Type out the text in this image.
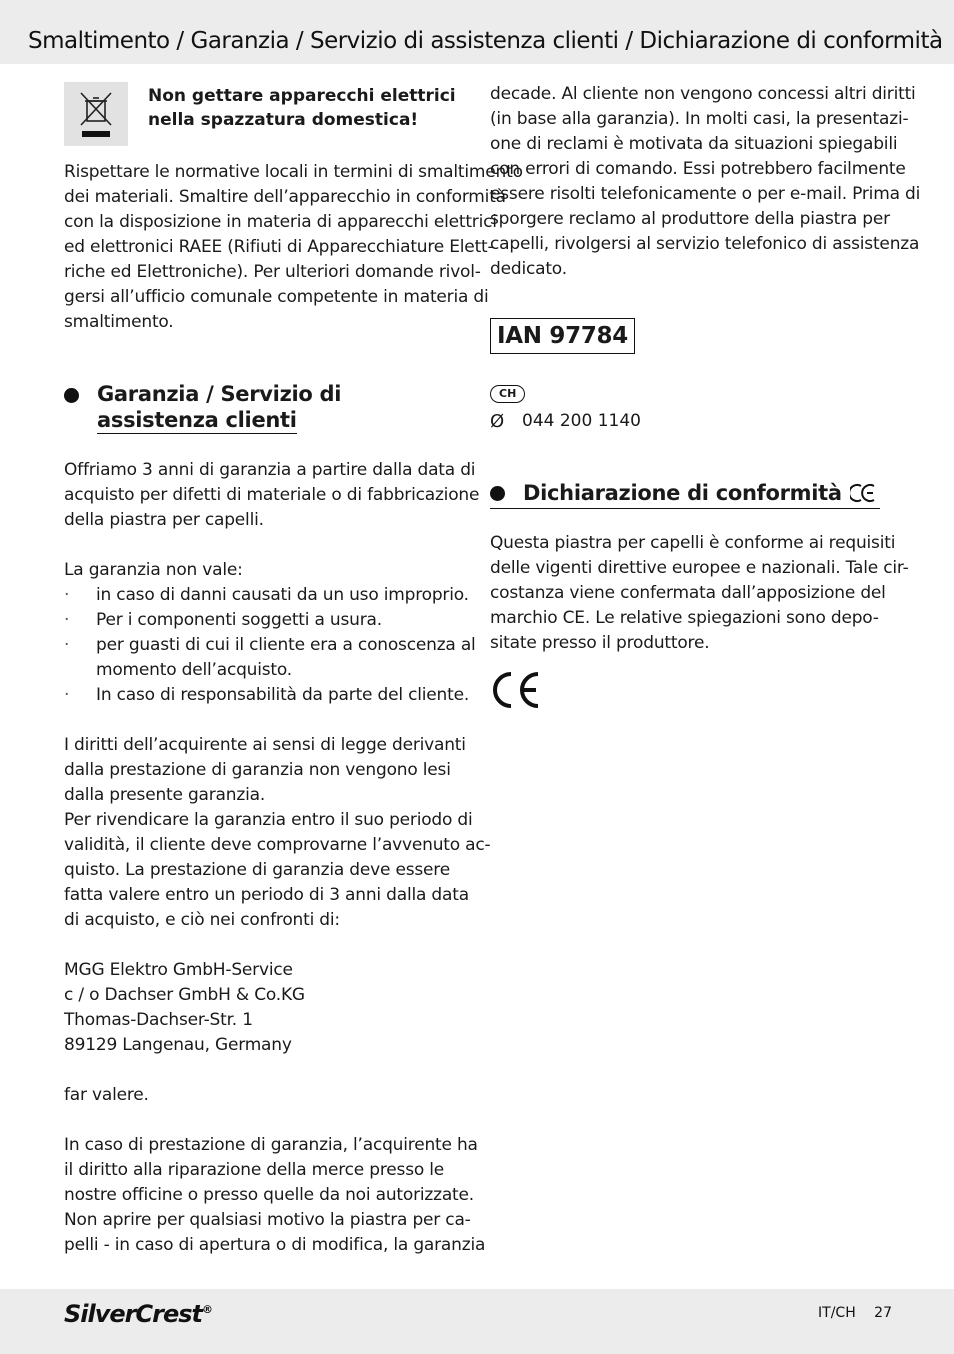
Smaltimento / Garanzia / Servizio di assistenza clienti / Dichiarazione di conformità
Non gettare apparecchi elettrici
nella spazzatura domestica!

Rispettare le normative locali in termini di smaltimento

dei materiali. Smaltire dell’apparecchio in conformità

con la disposizione in materia di apparecchi elettrici

ed elettronici RAEE (Rifiuti di Apparecchiature Elett-

riche ed Elettroniche). Per ulteriori domande rivol-

gersi all’ufficio comunale competente in materia di

smaltimento.

Garanzia / Servizio di
assistenza clienti

Offriamo 3 anni di garanzia a partire dalla data di

acquisto per difetti di materiale o di fabbricazione

della piastra per capelli.

La garanzia non vale:

·	in caso di danni causati da un uso improprio.
·	Per i componenti soggetti a usura.
·	per guasti di cui il cliente era a conoscenza al
momento dell’acquisto.
·	In caso di responsabilità da parte del cliente.

I diritti dell’acquirente ai sensi di legge derivanti

dalla prestazione di garanzia non vengono lesi

dalla presente garanzia.

Per rivendicare la garanzia entro il suo periodo di

validità, il cliente deve comprovarne l’avvenuto ac-

quisto. La prestazione di garanzia deve essere

fatta valere entro un periodo di 3 anni dalla data

di acquisto, e ciò nei confronti di:

MGG Elektro GmbH-Service

c / o Dachser GmbH & Co.KG

Thomas-Dachser-Str. 1

89129 Langenau, Germany

far valere.

In caso di prestazione di garanzia, l’acquirente ha

il diritto alla riparazione della merce presso le

nostre officine o presso quelle da noi autorizzate.

Non aprire per qualsiasi motivo la piastra per ca-

pelli - in caso di apertura o di modifica, la garanzia

decade. Al cliente non vengono concessi altri diritti

(in base alla garanzia). In molti casi, la presentazi-

one di reclami è motivata da situazioni spiegabili

con errori di comando. Essi potrebbero facilmente

essere risolti telefonicamente o per e-mail. Prima di

sporgere reclamo al produttore della piastra per

capelli, rivolgersi al servizio telefonico di assistenza

dedicato.

IAN 97784
CH
Ø	044 200 1140
Dichiarazione di conformità

Questa piastra per capelli è conforme ai requisiti

delle vigenti direttive europee e nazionali. Tale cir-

costanza viene confermata dall’apposizione del

marchio CE. Le relative spiegazioni sono depo-

sitate presso il produttore.

SilverCrest®	IT/CH 27
